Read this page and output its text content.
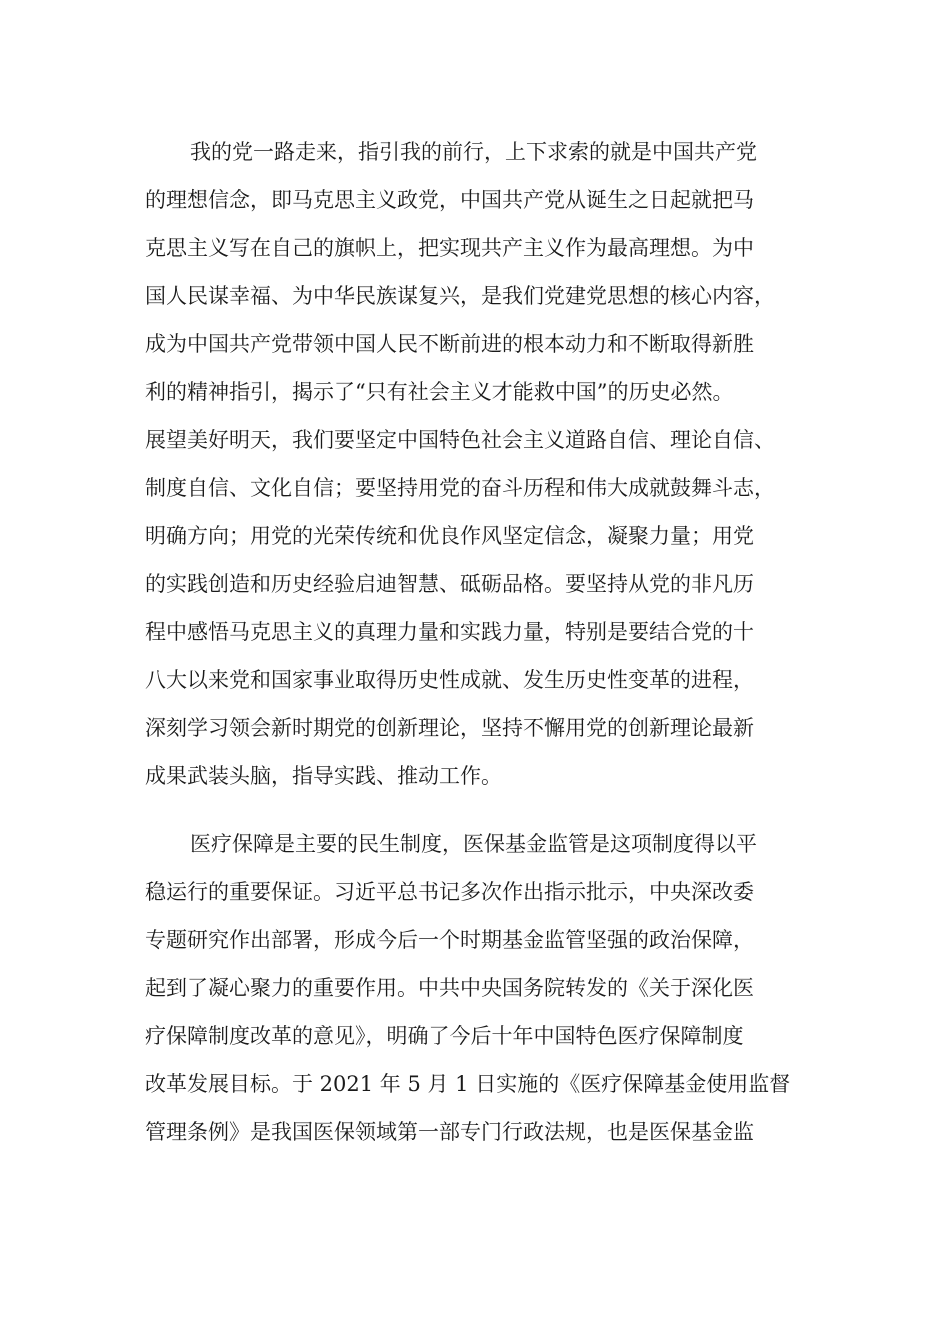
我的党一路走来，指引我的前行，上下求索的就是中国共产党
的理想信念，即马克思主义政党，中国共产党从诞生之日起就把马
克思主义写在自己的旗帜上，把实现共产主义作为最高理想。为中
国人民谋幸福、为中华民族谋复兴，是我们党建党思想的核心内容，
成为中国共产党带领中国人民不断前进的根本动力和不断取得新胜
利的精神指引，揭示了“只有社会主义才能救中国”的历史必然。
展望美好明天，我们要坚定中国特色社会主义道路自信、理论自信、
制度自信、文化自信；要坚持用党的奋斗历程和伟大成就鼓舞斗志，
明确方向；用党的光荣传统和优良作风坚定信念，凝聚力量；用党
的实践创造和历史经验启迪智慧、砥砺品格。要坚持从党的非凡历
程中感悟马克思主义的真理力量和实践力量，特别是要结合党的十
八大以来党和国家事业取得历史性成就、发生历史性变革的进程，
深刻学习领会新时期党的创新理论，坚持不懈用党的创新理论最新
成果武装头脑，指导实践、推动工作。
医疗保障是主要的民生制度，医保基金监管是这项制度得以平
稳运行的重要保证。习近平总书记多次作出指示批示，中央深改委
专题研究作出部署，形成今后一个时期基金监管坚强的政治保障，
起到了凝心聚力的重要作用。中共中央国务院转发的《关于深化医
疗保障制度改革的意见》，明确了今后十年中国特色医疗保障制度
改革发展目标。于 2021 年 5 月 1 日实施的《医疗保障基金使用监督
管理条例》是我国医保领域第一部专门行政法规，也是医保基金监
